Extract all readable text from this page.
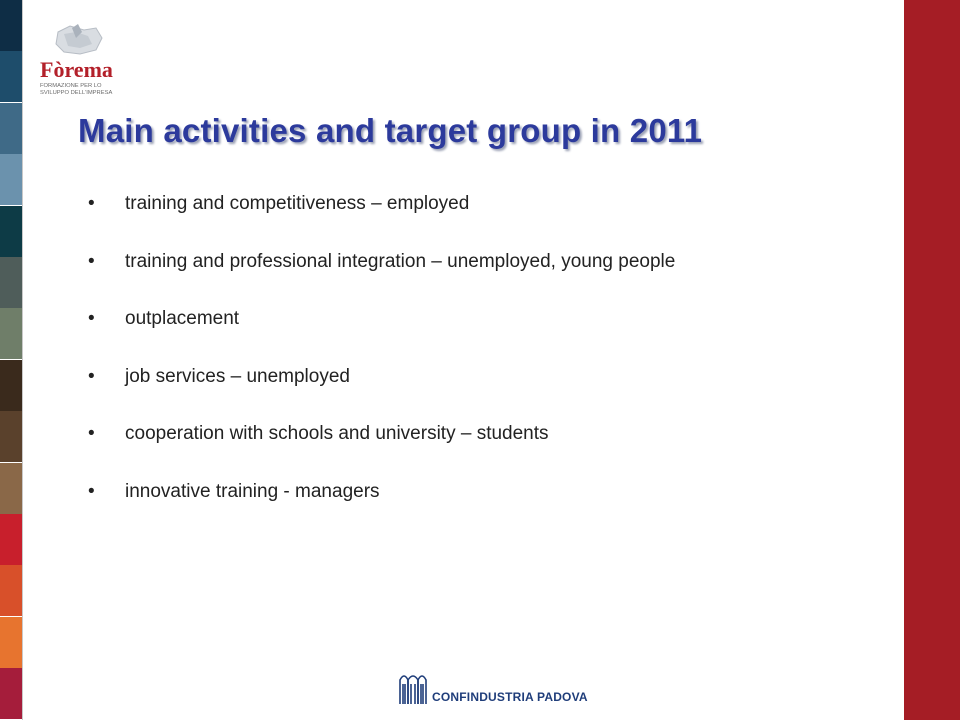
Fòrema
FORMAZIONE PER LO
SVILUPPO DELL'IMPRESA
Main activities and target group in 2011
• training and competitiveness – employed
• training and professional integration – unemployed, young people
• outplacement
• job services – unemployed
• cooperation with schools and university – students
• innovative training - managers
CONFINDUSTRIA PADOVA
